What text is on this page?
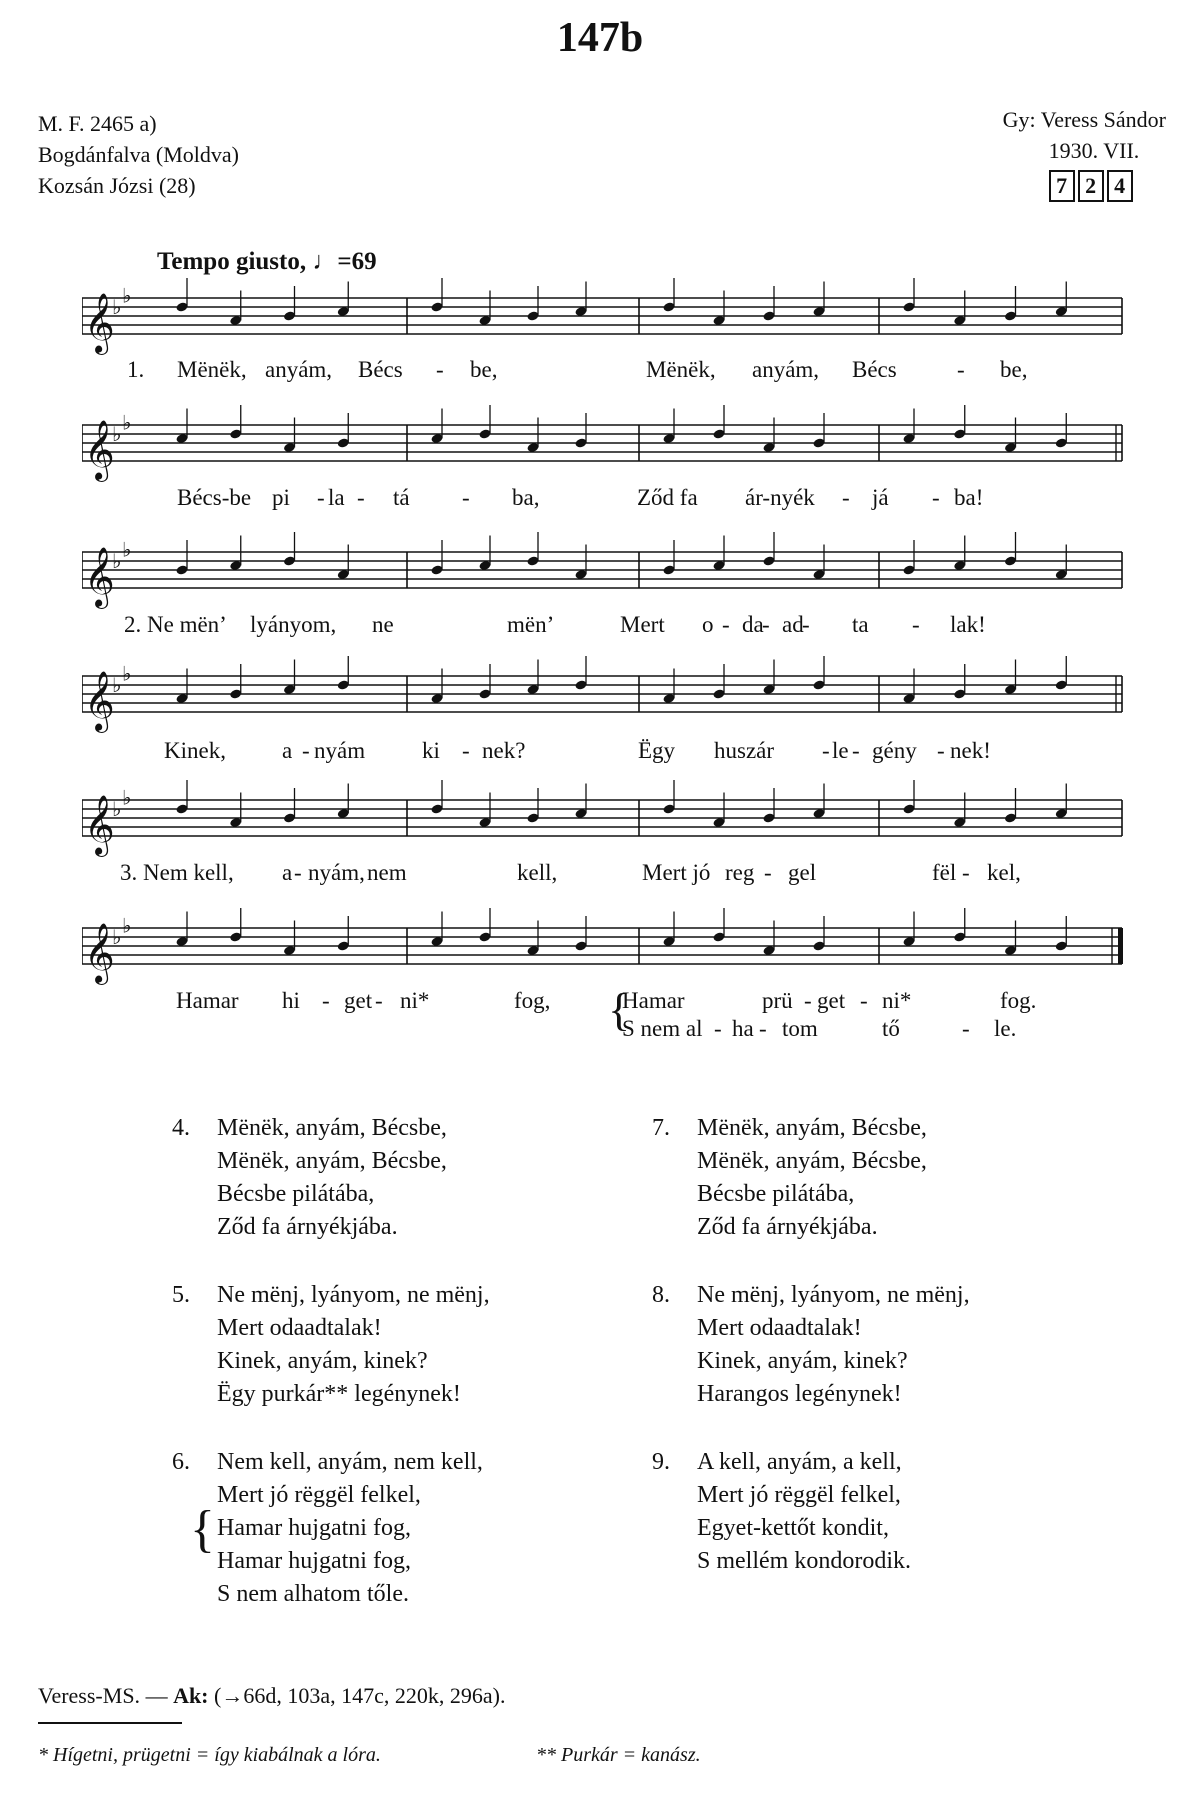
147b
M. F. 2465 a)
Bogdánfalva (Moldva)
Kozsán Józsi (28)
Gy: Veress Sándor
1930. VII.
7 2 4
Tempo giusto, ♩=69
𝄞
♭ ♭
1. Mënëk, anyám, Bécs - be,	Mënëk, anyám, Bécs	- be,
𝄞
♭ ♭
Bécs-be pi - la - tá - ba,	Ződ fa ár-nyék - já - ba!
𝄞
♭ ♭
2. Ne mën’ lyányom, ne	mën’	Mert o - da
- ad
- ta - lak!
𝄞
♭ ♭
Kinek, a - nyám ki - nek?	Ëgy huszár - le - gény - nek!
𝄞
♭ ♭
3. Nem kell, a - nyám, nem	kell,	Mert jó reg - gel	fël - kel,
𝄞
♭ ♭
Hamar hi - get - ni*	fog,	Hamar	prü - get - ni*	fog.
S nem al - ha - tom	tő	- le.
{
4. Mënëk, anyám, Bécsbe,
Mënëk, anyám, Bécsbe,
Bécsbe pilátába,
Ződ fa árnyékjába.
5. Ne mënj, lyányom, ne mënj,
Mert odaadtalak!
Kinek, anyám, kinek?
Ëgy purkár** legénynek!
6.
{
Nem kell, anyám, nem kell,
Mert jó rëggël felkel,
Hamar hujgatni fog,
Hamar hujgatni fog,
S nem alhatom tőle.
7. Mënëk, anyám, Bécsbe,
Mënëk, anyám, Bécsbe,
Bécsbe pilátába,
Ződ fa árnyékjába.
8. Ne mënj, lyányom, ne mënj,
Mert odaadtalak!
Kinek, anyám, kinek?
Harangos legénynek!
9. A kell, anyám, a kell,
Mert jó rëggël felkel,
Egyet-kettőt kondit,
S mellém kondorodik.
Veress-MS. — Ak: (→66d, 103a, 147c, 220k, 296a).
* Hígetni, prügetni = így kiabálnak a lóra.	** Purkár = kanász.
